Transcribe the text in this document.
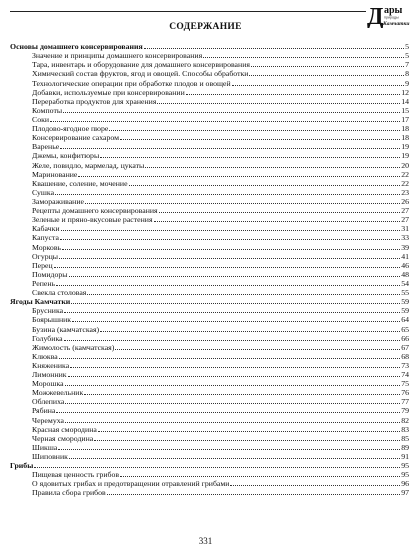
Д ары
природы
Камчатки
СОДЕРЖАНИЕ
Основы домашнего консервирования	5
Значение и принципы домашнего консервирования	5
Тара, инвентарь и оборудование для домашнего консервирования	7
Химический состав фруктов, ягод и овощей. Способы обработки	8
Технологические операции при обработке плодов и овощей	9
Добавки, используемые при консервировании	12
Переработка продуктов для хранения	14
Компоты	15
Соки	17
Плодово-ягодное пюре	18
Консервирование сахаром	18
Варенье	19
Джемы, конфитюры	19
Желе, повидло, мармелад, цукаты	20
Маринование	22
Квашение, соление, мочение	22
Сушка	23
Замораживание	26
Рецепты домашнего консервирования	27
Зеленые и пряно-вкусовые растения	27
Кабачки	31
Капуста	33
Морковь	39
Огурцы	41
Перец	46
Помидоры	48
Репень	54
Свекла столовая	55
Ягоды Камчатки	59
Брусника	59
Боярышник	64
Бузина (камчатская)	65
Голубика	66
Жимолость (камчатская)	67
Клюква	68
Княженика	73
Лимонник	74
Морошка	75
Можжевельник	76
Облепиха	77
Рябина	79
Черемуха	82
Красная смородина	83
Черная смородина	85
Шикша	89
Шиповник	91
Грибы	95
Пищевая ценность грибов	95
О ядовитых грибах и предотвращении отравлений грибами	96
Правила сбора грибов	97
331
